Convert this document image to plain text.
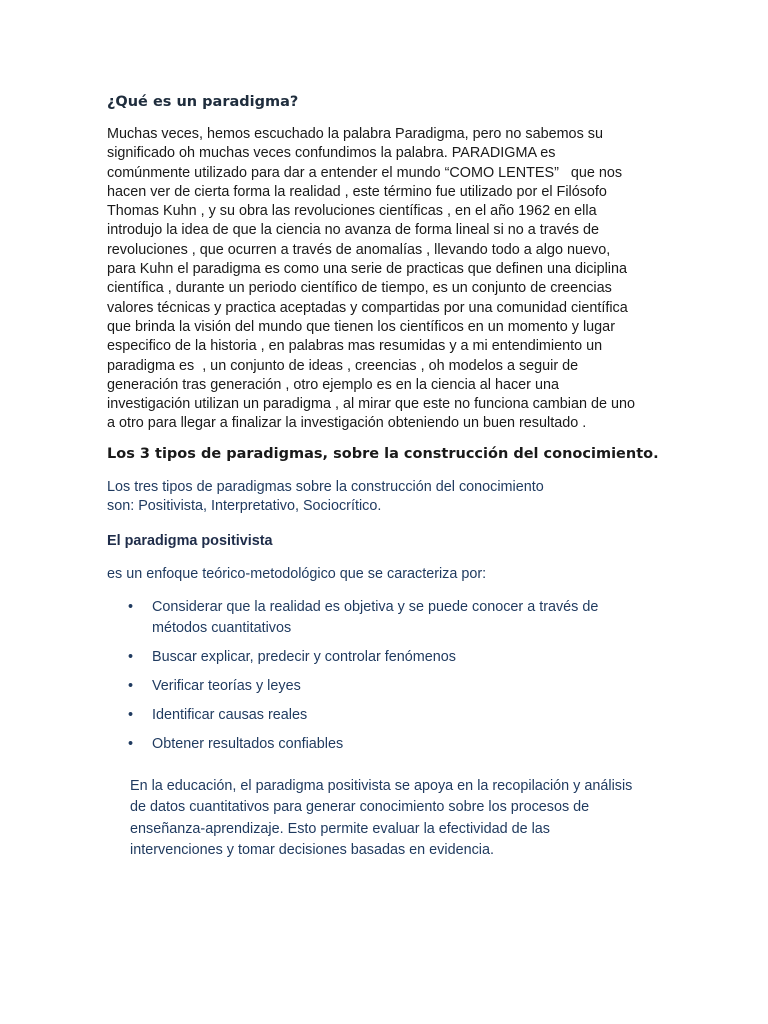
¿Qué es un paradigma?
Muchas veces, hemos escuchado la palabra Paradigma, pero no sabemos su
significado oh muchas veces confundimos la palabra. PARADIGMA es
comúnmente utilizado para dar a entender el mundo “COMO LENTES”   que nos
hacen ver de cierta forma la realidad , este término fue utilizado por el Filósofo
Thomas Kuhn , y su obra las revoluciones científicas , en el año 1962 en ella
introdujo la idea de que la ciencia no avanza de forma lineal si no a través de
revoluciones , que ocurren a través de anomalías , llevando todo a algo nuevo,
para Kuhn el paradigma es como una serie de practicas que definen una diciplina
científica , durante un periodo científico de tiempo, es un conjunto de creencias
valores técnicas y practica aceptadas y compartidas por una comunidad científica
que brinda la visión del mundo que tienen los científicos en un momento y lugar
especifico de la historia , en palabras mas resumidas y a mi entendimiento un
paradigma es  , un conjunto de ideas , creencias , oh modelos a seguir de
generación tras generación , otro ejemplo es en la ciencia al hacer una
investigación utilizan un paradigma , al mirar que este no funciona cambian de uno
a otro para llegar a finalizar la investigación obteniendo un buen resultado .
Los 3 tipos de paradigmas, sobre la construcción del conocimiento.
Los tres tipos de paradigmas sobre la construcción del conocimiento
son: Positivista, Interpretativo, Sociocrítico.
El paradigma positivista

es un enfoque teórico-metodológico que se caracteriza por:

• Considerar que la realidad es objetiva y se puede conocer a través de
métodos cuantitativos
• Buscar explicar, predecir y controlar fenómenos
• Verificar teorías y leyes
• Identificar causas reales
• Obtener resultados confiables
En la educación, el paradigma positivista se apoya en la recopilación y análisis
de datos cuantitativos para generar conocimiento sobre los procesos de
enseñanza-aprendizaje. Esto permite evaluar la efectividad de las
intervenciones y tomar decisiones basadas en evidencia.
